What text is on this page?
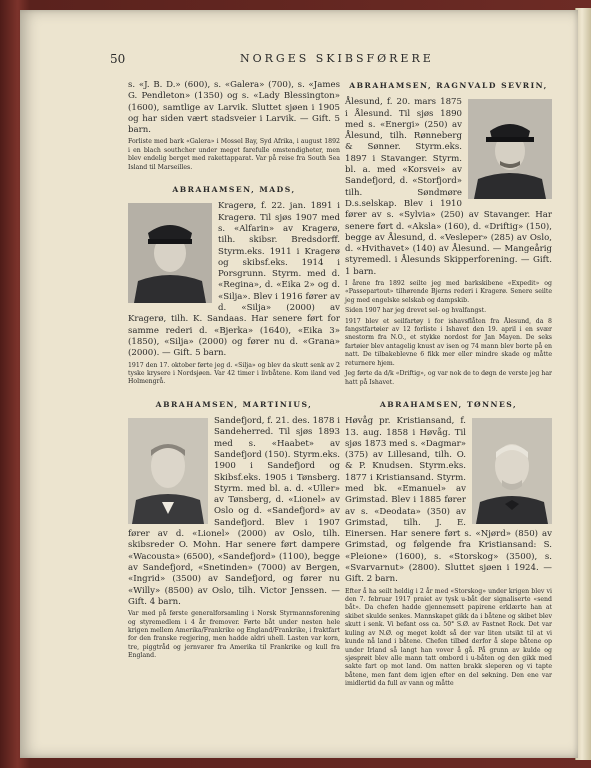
50	NORGES SKIBSFØRERE

s. «J. B. D.» (600), s. «Galera» (700), s. «James G. Pendleton» (1350) og s. «Lady Blessington» (1600), samtlige av Larvik. Sluttet sjøen i 1905 og har siden vært stadsveier i Larvik. — Gift. 5 barn.

Forliste med bark «Galera» i Mossel Bay, Syd Afrika, i august 1892 i en blach southcher under meget farefulle omstendigheter, men blev endelig berget med rakettapparat. Var på reise fra South Sea Island til Marseilles.

ABRAHAMSEN, MADS,

Kragerø, f. 22. jan. 1891 i Kragerø. Til sjøs 1907 med s. «Alfarin» av Kragerø, tilh. skibsr. Bredsdorff. Styrm.eks. 1911 i Kragerø og skibsf.eks. 1914 i Porsgrunn. Styrm. med d. «Regina», d. «Eika 2» og d. «Silja». Blev i 1916 fører av d. «Silja» (2000) av Kragerø, tilh. K. Sandaas. Har senere ført for samme rederi d. «Bjerka» (1640), «Eika 3» (1850), «Silja» (2000) og fører nu d. «Grana» (2000). — Gift. 5 barn.

1917 den 17. oktober førte jeg d. «Silja» og blev da skutt senk av 2 tyske krysere i Nordsjøen. Var 42 timer i livbåtene. Kom iland ved Holmengrå.

ABRAHAMSEN, MARTINIUS,

Sandefjord, f. 21. des. 1878 i Sandeherred. Til sjøs 1893 med s. «Haabet» av Sandefjord (150). Styrm.eks. 1900 i Sandefjord og Skibsf.eks. 1905 i Tønsberg. Styrm. med bl. a. d. «Uller» av Tønsberg, d. «Lionel» av Oslo og d. «Sandefjord» av Sandefjord. Blev i 1907 fører av d. «Lionel» (2000) av Oslo, tilh. skibsreder O. Mohn. Har senere ført dampere «Wacousta» (6500), «Sandefjord» (1100), begge av Sandefjord, «Snetinden» (7000) av Bergen, «Ingrid» (3500) av Sandefjord, og fører nu «Willy» (8500) av Oslo, tilh. Victor Jenssen. — Gift. 4 barn.

Var med på første generalforsamling i Norsk Styrmannsforening og styremedlem i 4 år fremover. Førte båt under nesten hele krigen mellem Amerika/Frankrike og England/Frankrike, i fraktfart for den franske regjering, men hadde aldri uhell. Lasten var korn, tre, piggtråd og jernvarer fra Amerika til Frankrike og kull fra England.

ABRAHAMSEN, RAGNVALD SEVRIN,

Ålesund, f. 20. mars 1875 i Ålesund. Til sjøs 1890 med s. «Energi» (250) av Ålesund, tilh. Rønneberg & Sønner. Styrm.eks. 1897 i Stavanger. Styrm. bl. a. med «Korsvei» av Sandefjord, d. «Storfjord» tilh. Søndmøre D.s.selskap. Blev i 1910 fører av s. «Sylvia» (250) av Stavanger. Har senere ført d. «Aksla» (160), d. «Driftig» (150), begge av Ålesund, d. «Vesleper» (285) av Oslo, d. «Hvithavet» (140) av Ålesund. — Mangeårig styremedl. i Ålesunds Skipperforening. — Gift. 1 barn.

I årene fra 1892 seilte jeg med barkskibene «Expedit» og «Passepartout» tilhørende Bjerns rederi i Kragerø. Senere seilte jeg med engelske selskab og dampskib.

Siden 1907 har jeg drevet sel- og hvalfangst.

1917 blev et seilfartøy i for ishavsflåten fra Ålesund, da 8 fangstfartøier av 12 forliste i Ishavet den 19. april i en svær snestorm fra N.O., et stykke nordost for Jan Mayen. De seks fartøier blev antagelig knust av isen og 74 mann blev borte på en natt. De tilbakeblevne 6 fikk mer eller mindre skade og måtte returnere hjem.

Jeg førte da d/k «Driftig», og var nok de to døgn de verste jeg har hatt på Ishavet.

ABRAHAMSEN, TØNNES,

Høvåg pr. Kristiansand, f. 13. aug. 1858 i Høvåg. Til sjøs 1873 med s. «Dagmar» (375) av Lillesand, tilh. O. & P. Knudsen. Styrm.eks. 1877 i Kristiansand. Styrm. med bk. «Emanuel» av Grimstad. Blev i 1885 fører av s. «Deodata» (350) av Grimstad, tilh. J. E. Einersen. Har senere ført s. «Njørd» (850) av Grimstad, og følgende fra Kristiansand: S. «Pleione» (1600), s. «Storskog» (3500), s. «Svarvarnut» (2800). Sluttet sjøen i 1924. — Gift. 2 barn.

Efter å ha seilt heldig i 2 år med «Storskog» under krigen blev vi den 7. februar 1917 praiet av tysk u-båt der signaliserte «send båt». Da chefen hadde gjennemsett papirene erklærte han at skibet skulde senkes. Mannskapet gikk da i båtene og skibet blev skutt i senk. Vi befant oss ca. 50° S.Ø. av Fastnet Rock. Det var kuling av N.Ø. og meget koldt så der var liten utsikt til at vi kunde nå land i båtene. Chefen tilbød derfor å slepe båtene op under Irland så langt han vover å gå. På grunn av kulde og sjøsprøit blev alle mann tatt ombord i u-båten og den gikk med sakte fart op mot land. Om natten brakk sleperen og vi tapte båtene, men fant dem igjen efter en del søkning. Den ene var imidlertid da full av vann og måtte
